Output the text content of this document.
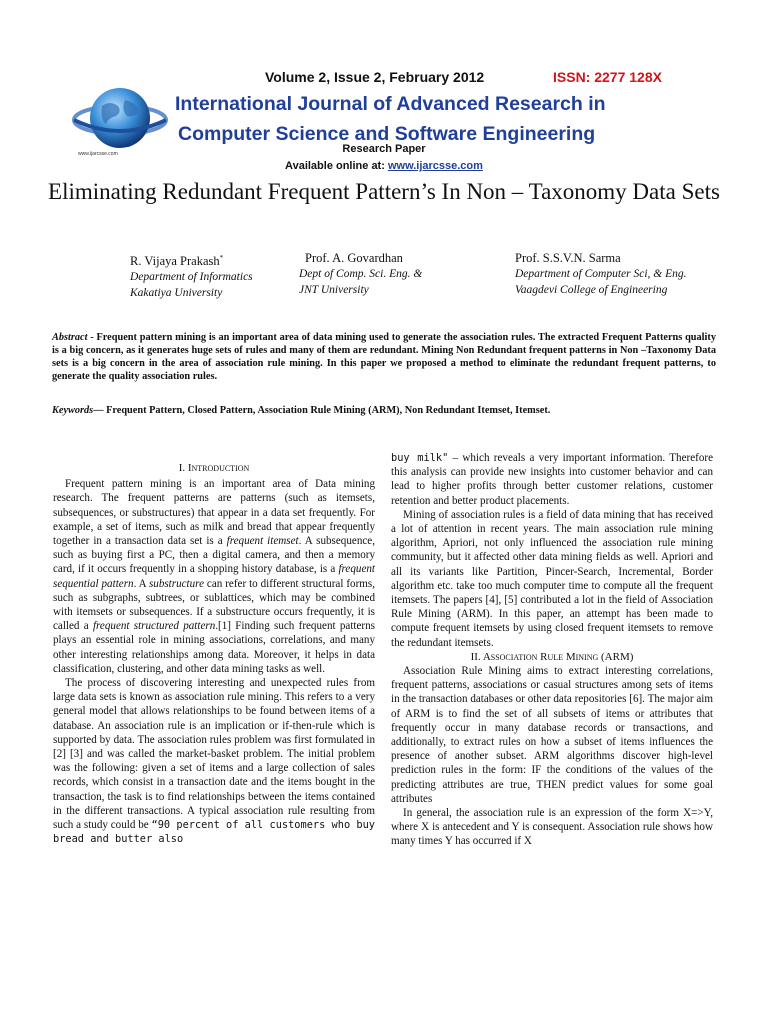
Volume 2, Issue 2, February 2012	ISSN: 2277 128X
www.ijarcsse.com
International Journal of Advanced Research in
Computer Science and Software Engineering
Research Paper
Available online at: www.ijarcsse.com
Eliminating Redundant Frequent Pattern’s In Non – Taxonomy Data Sets
R. Vijaya Prakash*
Department of Informatics
Kakatiya University
Prof. A. Govardhan
Dept of Comp. Sci. Eng. &
JNT University
Prof. S.S.V.N. Sarma
Department of Computer Sci, & Eng.
Vaagdevi College of Engineering
Abstract - Frequent pattern mining is an important area of data mining used to generate the association rules. The extracted Frequent Patterns quality is a big concern, as it generates huge sets of rules and many of them are redundant. Mining Non Redundant frequent patterns in Non –Taxonomy Data sets is a big concern in the area of association rule mining. In this paper we proposed a method to eliminate the redundant frequent patterns, to generate the quality association rules.
Keywords— Frequent Pattern, Closed Pattern, Association Rule Mining (ARM), Non Redundant Itemset, Itemset.
I. Introduction

Frequent pattern mining is an important area of Data mining research. The frequent patterns are patterns (such as itemsets, subsequences, or substructures) that appear in a data set frequently. For example, a set of items, such as milk and bread that appear frequently together in a transaction data set is a frequent itemset. A subsequence, such as buying first a PC, then a digital camera, and then a memory card, if it occurs frequently in a shopping history database, is a frequent sequential pattern. A substructure can refer to different structural forms, such as subgraphs, subtrees, or sublattices, which may be combined with itemsets or subsequences. If a substructure occurs frequently, it is called a frequent structured pattern.[1] Finding such frequent patterns plays an essential role in mining associations, correlations, and many other interesting relationships among data. Moreover, it helps in data classification, clustering, and other data mining tasks as well.

The process of discovering interesting and unexpected rules from large data sets is known as association rule mining. This refers to a very general model that allows relationships to be found between items of a database. An association rule is an implication or if-then-rule which is supported by data. The association rules problem was first formulated in [2] [3] and was called the market-basket problem. The initial problem was the following: given a set of items and a large collection of sales records, which consist in a transaction date and the items bought in the transaction, the task is to find relationships between the items contained in the different transactions. A typical association rule resulting from such a study could be “90 percent of all customers who buy bread and butter also

buy milk" – which reveals a very important information. Therefore this analysis can provide new insights into customer behavior and can lead to higher profits through better customer relations, customer retention and better product placements.

Mining of association rules is a field of data mining that has received a lot of attention in recent years. The main association rule mining algorithm, Apriori, not only influenced the association rule mining community, but it affected other data mining fields as well. Apriori and all its variants like Partition, Pincer-Search, Incremental, Border algorithm etc. take too much computer time to compute all the frequent itemsets. The papers [4], [5] contributed a lot in the field of Association Rule Mining (ARM). In this paper, an attempt has been made to compute frequent itemsets by using closed frequent itemsets to remove the redundant itemsets.

II. Association Rule Mining (ARM)

Association Rule Mining aims to extract interesting correlations, frequent patterns, associations or casual structures among sets of items in the transaction databases or other data repositories [6]. The major aim of ARM is to find the set of all subsets of items or attributes that frequently occur in many database records or transactions, and additionally, to extract rules on how a subset of items influences the presence of another subset. ARM algorithms discover high-level prediction rules in the form: IF the conditions of the values of the predicting attributes are true, THEN predict values for some goal attributes

In general, the association rule is an expression of the form X=>Y, where X is antecedent and Y is consequent. Association rule shows how many times Y has occurred if X
